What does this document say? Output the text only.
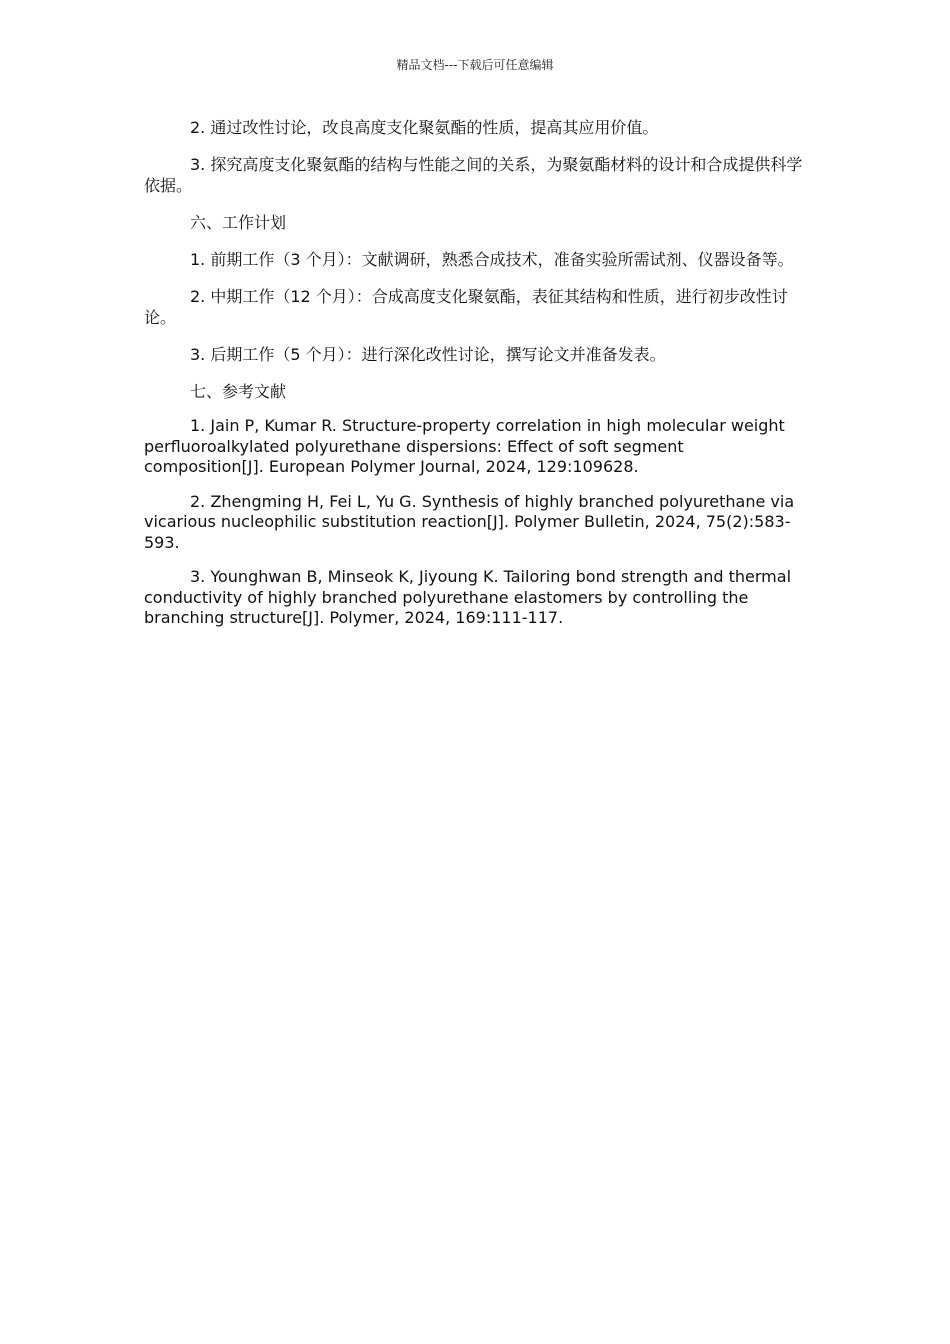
精品文档---下载后可任意编辑

2. 通过改性讨论，改良高度支化聚氨酯的性质，提高其应用价值。

3. 探究高度支化聚氨酯的结构与性能之间的关系，为聚氨酯材料的设计和合成提供科学依据。

六、工作计划

1. 前期工作（3 个月）：文献调研，熟悉合成技术，准备实验所需试剂、仪器设备等。

2. 中期工作（12 个月）：合成高度支化聚氨酯，表征其结构和性质，进行初步改性讨论。

3. 后期工作（5 个月）：进行深化改性讨论，撰写论文并准备发表。

七、参考文献

1. Jain P, Kumar R. Structure-property correlation in high molecular weight perfluoroalkylated polyurethane dispersions: Effect of soft segment composition[J]. European Polymer Journal, 2024, 129:109628.

2. Zhengming H, Fei L, Yu G. Synthesis of highly branched polyurethane via vicarious nucleophilic substitution reaction[J]. Polymer Bulletin, 2024, 75(2):583-593.

3. Younghwan B, Minseok K, Jiyoung K. Tailoring bond strength and thermal conductivity of highly branched polyurethane elastomers by controlling the branching structure[J]. Polymer, 2024, 169:111-117.
